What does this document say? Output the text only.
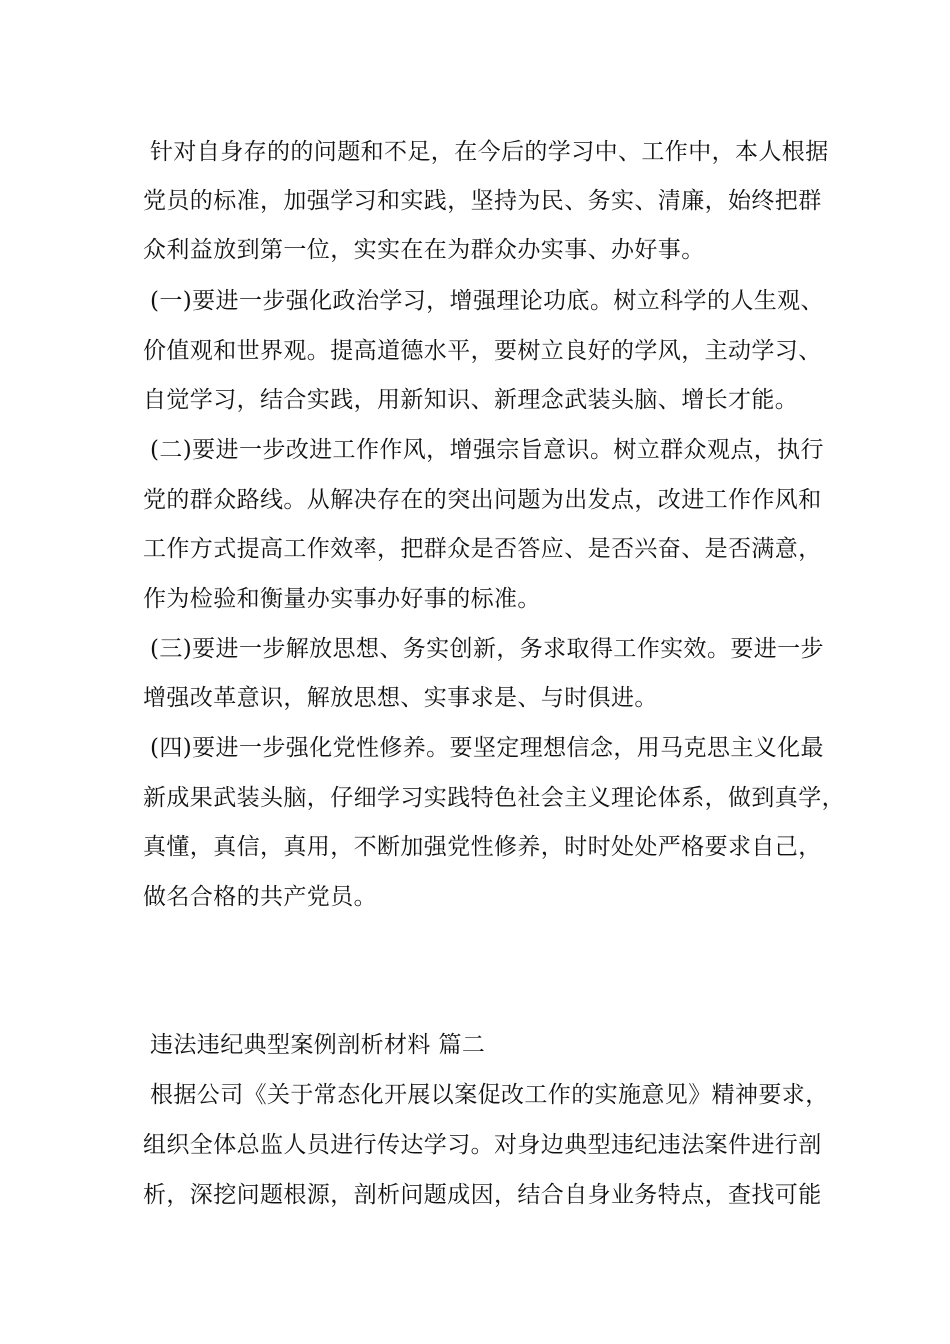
针对自身存的的问题和不足，在今后的学习中、工作中，本人根据
党员的标准，加强学习和实践，坚持为民、务实、清廉，始终把群
众利益放到第一位，实实在在为群众办实事、办好事。
(一)要进一步强化政治学习，增强理论功底。树立科学的人生观、
价值观和世界观。提高道德水平，要树立良好的学风，主动学习、
自觉学习，结合实践，用新知识、新理念武装头脑、增长才能。
(二)要进一步改进工作作风，增强宗旨意识。树立群众观点，执行
党的群众路线。从解决存在的突出问题为出发点，改进工作作风和
工作方式提高工作效率，把群众是否答应、是否兴奋、是否满意，
作为检验和衡量办实事办好事的标准。
(三)要进一步解放思想、务实创新，务求取得工作实效。要进一步
增强改革意识，解放思想、实事求是、与时俱进。
(四)要进一步强化党性修养。要坚定理想信念，用马克思主义化最
新成果武装头脑，仔细学习实践特色社会主义理论体系，做到真学，
真懂，真信，真用，不断加强党性修养，时时处处严格要求自己，
做名合格的共产党员。
违法违纪典型案例剖析材料 篇二
根据公司《关于常态化开展以案促改工作的实施意见》精神要求，
组织全体总监人员进行传达学习。对身边典型违纪违法案件进行剖
析，深挖问题根源，剖析问题成因，结合自身业务特点，查找可能
